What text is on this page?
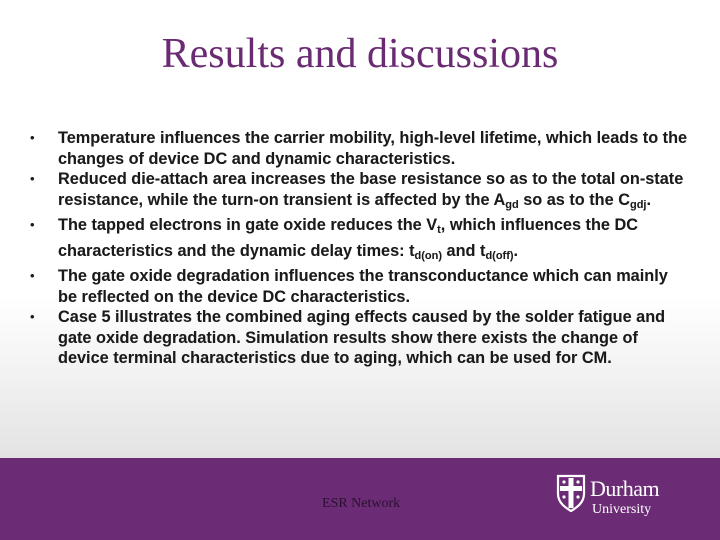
Results and discussions
• Temperature influences the carrier mobility, high-level lifetime, which leads to the changes of device DC and dynamic characteristics.
• Reduced die-attach area increases the base resistance so as to the total on-state resistance, while the turn-on transient is affected by the $A_{gd}$ so as to the $C_{gdj}$.
• The tapped electrons in gate oxide reduces the $V_t$, which influences the DC characteristics and the dynamic delay times: $t_{d(on)}$ and $t_{d(off)}$.
• The gate oxide degradation influences the transconductance which can mainly be reflected on the device DC characteristics.
• Case 5 illustrates the combined aging effects caused by the solder fatigue and gate oxide degradation. Simulation results show there exists the change of device terminal characteristics due to aging, which can be used for CM.
ESR Network
Durham
University
